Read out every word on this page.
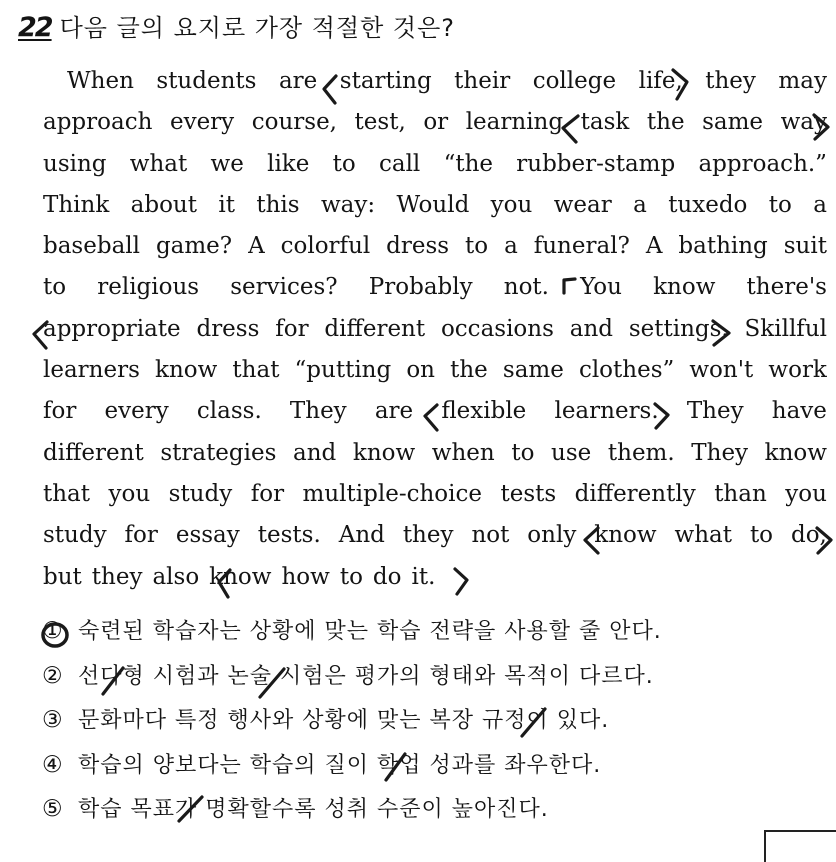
22 다음 글의 요지로 가장 적절한 것은?
When students are starting their college life, they may
approach every course, test, or learning task the same way
using what we like to call “the rubber-stamp approach.”
Think about it this way: Would you wear a tuxedo to a
baseball game? A colorful dress to a funeral? A bathing suit
to religious services? Probably not. You know there's
appropriate dress for different occasions and settings. Skillful
learners know that “putting on the same clothes” won't work
for every class. They are flexible learners. They have
different strategies and know when to use them. They know
that you study for multiple-choice tests differently than you
study for essay tests. And they not only know what to do,
but they also know how to do it.
① 숙련된 학습자는 상황에 맞는 학습 전략을 사용할 줄 안다.
② 선다형 시험과 논술 시험은 평가의 형태와 목적이 다르다.
③ 문화마다 특정 행사와 상황에 맞는 복장 규정이 있다.
④ 학습의 양보다는 학습의 질이 학업 성과를 좌우한다.
⑤ 학습 목표가 명확할수록 성취 수준이 높아진다.
